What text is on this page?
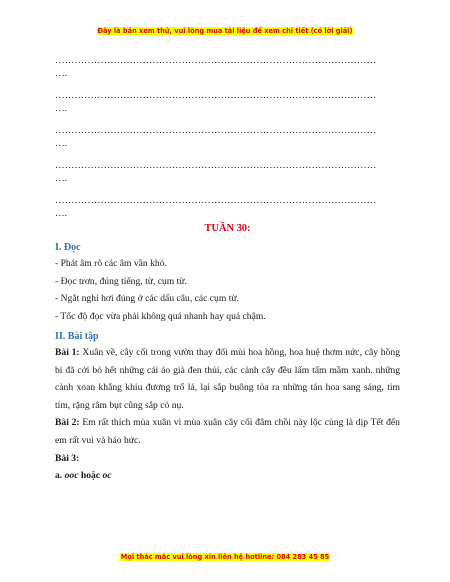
Đây là bản xem thử, vui lòng mua tài liệu để xem chi tiết (có lời giải)
………………………………………………………………………………………
….
………………………………………………………………………………………
….
………………………………………………………………………………………
….
………………………………………………………………………………………
….
………………………………………………………………………………………
….
TUẦN 30:
I. Đọc
- Phát âm rõ các âm vần khó.
- Đọc trơn, đúng tiếng, từ, cụm từ.
- Ngắt nghỉ hơi đúng ở các dấu câu, các cụm từ.
- Tốc độ đọc vừa phải không quá nhanh hay quá chậm.
II. Bài tập
Bài 1: Xuân về, cây cối trong vườn thay đổi mùi hoa hồng, hoa huệ thơm nức, cây hồng bì đã cởi bỏ hết những cái áo già đen thủi, các cành cây đều lấm tấm mầm xanh. những cành xoan khẳng khiu đương trổ lá, lại sắp buông tỏa ra những tán hoa sang sáng, tim tím, rặng râm bụt cũng sắp có nụ.
Bài 2: Em rất thích mùa xuân vì mùa xuân cây cối đâm chồi này lộc cùng là dịp Tết đến em rất vui và háo hức.
Bài 3:
a. ooc hoặc oc
Mọi thắc mắc vui lòng xin liên hệ hotline: 084 283 45 85
